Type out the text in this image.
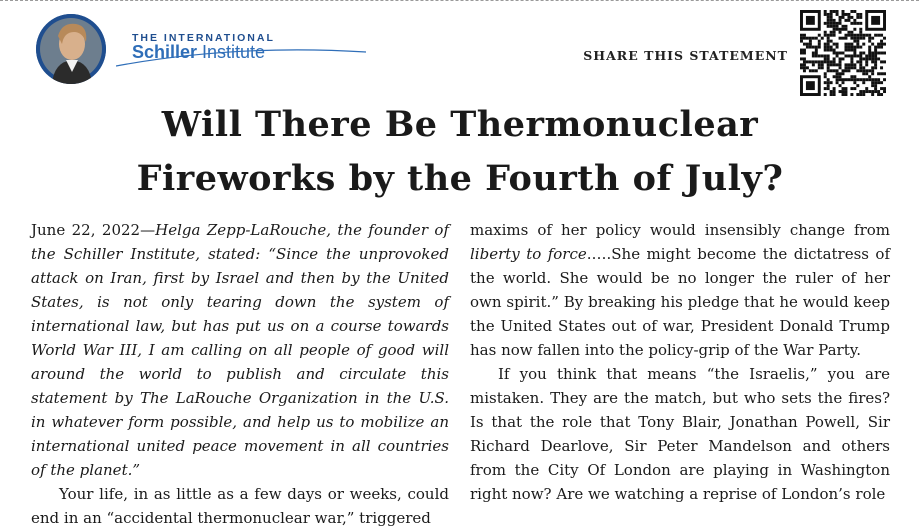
THE INTERNATIONAL
Schiller Institute	SHARE THIS STATEMENT
Will There Be Thermonuclear
Fireworks by the Fourth of July?

June 22, 2022—Helga Zepp-LaRouche, the founder of the Schiller Institute, stated: “Since the unprovoked attack on Iran, first by Israel and then by the United States, is not only tearing down the system of international law, but has put us on a course towards World War III, I am calling on all people of good will around the world to publish and circulate this statement by The LaRouche Organization in the U.S. in whatever form possible, and help us to mobilize an international united peace movement in all countries of the planet.”

Your life, in as little as a few days or weeks, could end in an “accidental thermonuclear war,” triggered

maxims of her policy would insensibly change from liberty to force.….She might become the dictatress of the world. She would be no longer the ruler of her own spirit.” By breaking his pledge that he would keep the United States out of war, President Donald Trump has now fallen into the policy-grip of the War Party.

If you think that means “the Israelis,” you are mistaken. They are the match, but who sets the fires? Is that the role that Tony Blair, Jonathan Powell, Sir Richard Dearlove, Sir Peter Mandelson and others from the City Of London are playing in Washington right now? Are we watching a reprise of London’s role
